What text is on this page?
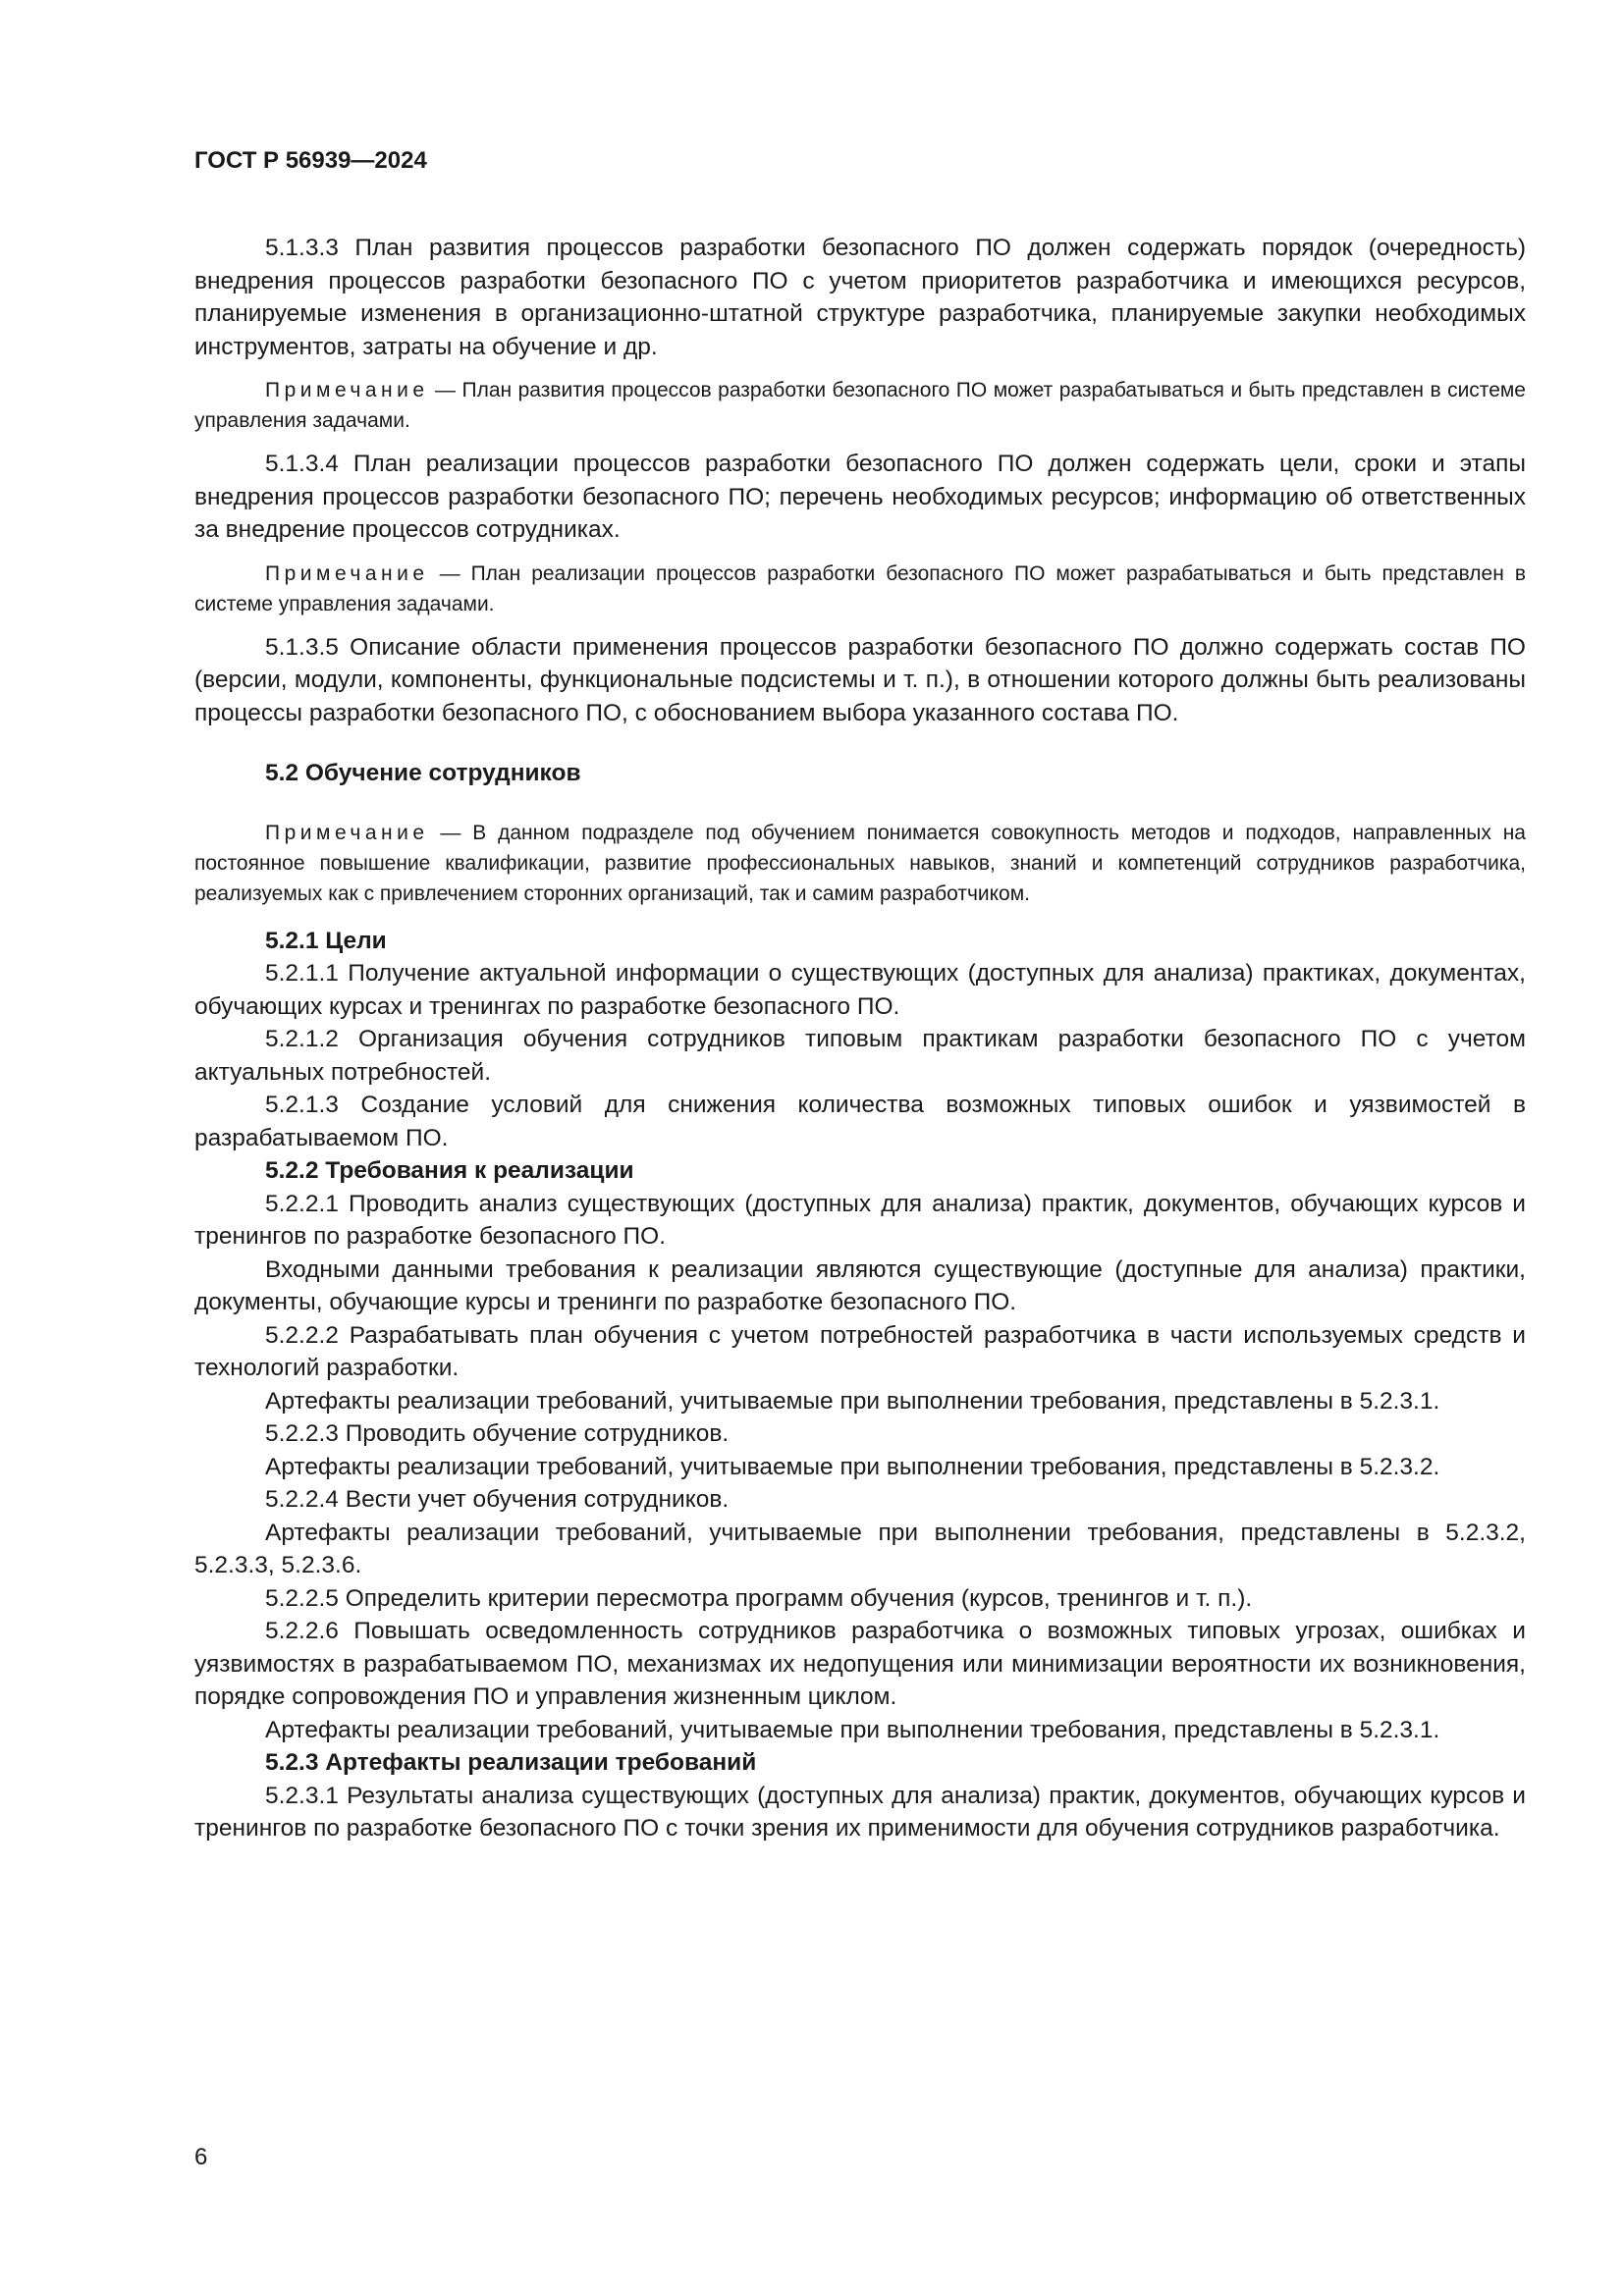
ГОСТ Р 56939—2024

5.1.3.3 План развития процессов разработки безопасного ПО должен содержать порядок (очередность) внедрения процессов разработки безопасного ПО с учетом приоритетов разработчика и имеющихся ресурсов, планируемые изменения в организационно-штатной структуре разработчика, планируемые закупки необходимых инструментов, затраты на обучение и др.

Примечание — План развития процессов разработки безопасного ПО может разрабатываться и быть представлен в системе управления задачами.

5.1.3.4 План реализации процессов разработки безопасного ПО должен содержать цели, сроки и этапы внедрения процессов разработки безопасного ПО; перечень необходимых ресурсов; информацию об ответственных за внедрение процессов сотрудниках.

Примечание — План реализации процессов разработки безопасного ПО может разрабатываться и быть представлен в системе управления задачами.

5.1.3.5 Описание области применения процессов разработки безопасного ПО должно содержать состав ПО (версии, модули, компоненты, функциональные подсистемы и т. п.), в отношении которого должны быть реализованы процессы разработки безопасного ПО, с обоснованием выбора указанного состава ПО.

5.2 Обучение сотрудников

Примечание — В данном подразделе под обучением понимается совокупность методов и подходов, направленных на постоянное повышение квалификации, развитие профессиональных навыков, знаний и компетенций сотрудников разработчика, реализуемых как с привлечением сторонних организаций, так и самим разработчиком.

5.2.1 Цели

5.2.1.1 Получение актуальной информации о существующих (доступных для анализа) практиках, документах, обучающих курсах и тренингах по разработке безопасного ПО.

5.2.1.2 Организация обучения сотрудников типовым практикам разработки безопасного ПО с учетом актуальных потребностей.

5.2.1.3 Создание условий для снижения количества возможных типовых ошибок и уязвимостей в разрабатываемом ПО.

5.2.2 Требования к реализации

5.2.2.1 Проводить анализ существующих (доступных для анализа) практик, документов, обучающих курсов и тренингов по разработке безопасного ПО.

Входными данными требования к реализации являются существующие (доступные для анализа) практики, документы, обучающие курсы и тренинги по разработке безопасного ПО.

5.2.2.2 Разрабатывать план обучения с учетом потребностей разработчика в части используемых средств и технологий разработки.

Артефакты реализации требований, учитываемые при выполнении требования, представлены в 5.2.3.1.

5.2.2.3 Проводить обучение сотрудников.

Артефакты реализации требований, учитываемые при выполнении требования, представлены в 5.2.3.2.

5.2.2.4 Вести учет обучения сотрудников.

Артефакты реализации требований, учитываемые при выполнении требования, представлены в 5.2.3.2, 5.2.3.3, 5.2.3.6.

5.2.2.5 Определить критерии пересмотра программ обучения (курсов, тренингов и т. п.).

5.2.2.6 Повышать осведомленность сотрудников разработчика о возможных типовых угрозах, ошибках и уязвимостях в разрабатываемом ПО, механизмах их недопущения или минимизации вероятности их возникновения, порядке сопровождения ПО и управления жизненным циклом.

Артефакты реализации требований, учитываемые при выполнении требования, представлены в 5.2.3.1.

5.2.3 Артефакты реализации требований

5.2.3.1 Результаты анализа существующих (доступных для анализа) практик, документов, обучающих курсов и тренингов по разработке безопасного ПО с точки зрения их применимости для обучения сотрудников разработчика.

6
